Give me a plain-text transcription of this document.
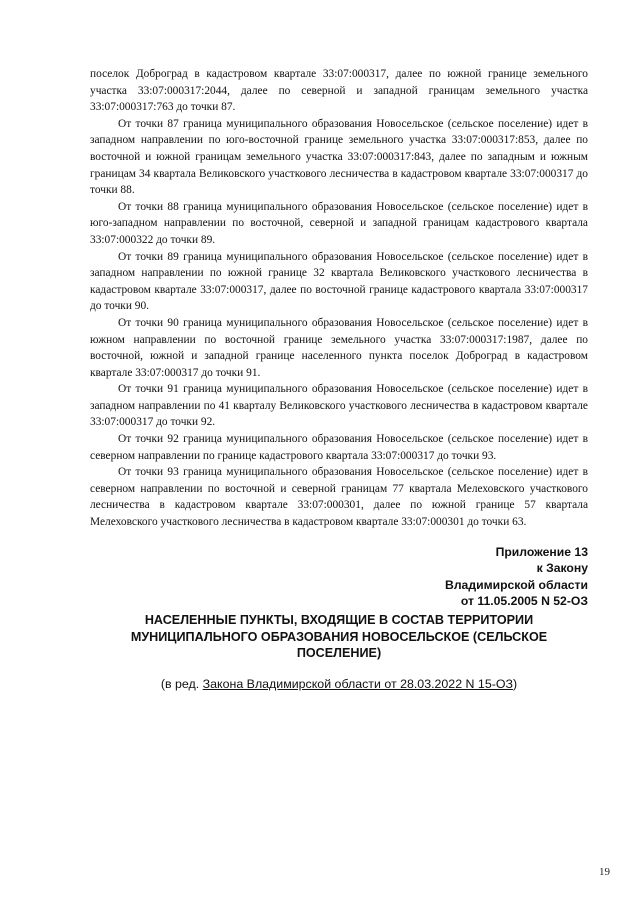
поселок Доброград в кадастровом квартале 33:07:000317, далее по южной границе земельного участка 33:07:000317:2044, далее по северной и западной границам земельного участка 33:07:000317:763 до точки 87.

От точки 87 граница муниципального образования Новосельское (сельское поселение) идет в западном направлении по юго-восточной границе земельного участка 33:07:000317:853, далее по восточной и южной границам земельного участка 33:07:000317:843, далее по западным и южным границам 34 квартала Великовского участкового лесничества в кадастровом квартале 33:07:000317 до точки 88.

От точки 88 граница муниципального образования Новосельское (сельское поселение) идет в юго-западном направлении по восточной, северной и западной границам кадастрового квартала 33:07:000322 до точки 89.

От точки 89 граница муниципального образования Новосельское (сельское поселение) идет в западном направлении по южной границе 32 квартала Великовского участкового лесничества в кадастровом квартале 33:07:000317, далее по восточной границе кадастрового квартала 33:07:000317 до точки 90.

От точки 90 граница муниципального образования Новосельское (сельское поселение) идет в южном направлении по восточной границе земельного участка 33:07:000317:1987, далее по восточной, южной и западной границе населенного пункта поселок Доброград в кадастровом квартале 33:07:000317 до точки 91.

От точки 91 граница муниципального образования Новосельское (сельское поселение) идет в западном направлении по 41 кварталу Великовского участкового лесничества в кадастровом квартале 33:07:000317 до точки 92.

От точки 92 граница муниципального образования Новосельское (сельское поселение) идет в северном направлении по границе кадастрового квартала 33:07:000317 до точки 93.

От точки 93 граница муниципального образования Новосельское (сельское поселение) идет в северном направлении по восточной и северной границам 77 квартала Мелеховского участкового лесничества в кадастровом квартале 33:07:000301, далее по южной границе 57 квартала Мелеховского участкового лесничества в кадастровом квартале 33:07:000301 до точки 63.

Приложение 13
к Закону
Владимирской области
от 11.05.2005 N 52-ОЗ
НАСЕЛЕННЫЕ ПУНКТЫ, ВХОДЯЩИЕ В СОСТАВ ТЕРРИТОРИИ
МУНИЦИПАЛЬНОГО ОБРАЗОВАНИЯ НОВОСЕЛЬСКОЕ (СЕЛЬСКОЕ
ПОСЕЛЕНИЕ)
(в ред. Закона Владимирской области от 28.03.2022 N 15-ОЗ)
19
